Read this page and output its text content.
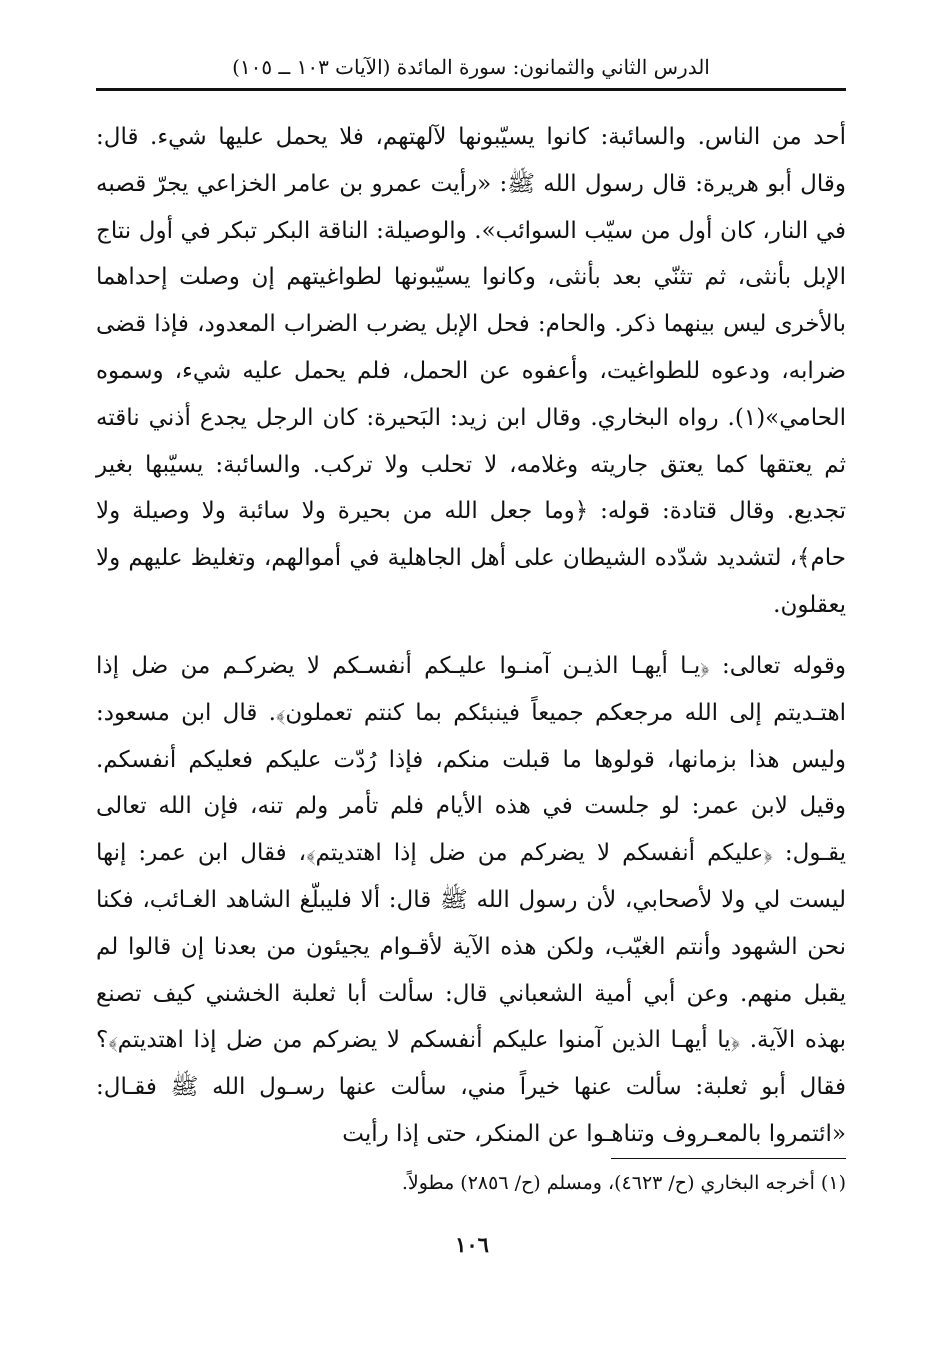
الدرس الثاني والثمانون: سورة المائدة (الآيات ١٠٣ ــ ١٠٥)

أحد من الناس. والسائبة: كانوا يسيّبونها لآلهتهم، فلا يحمل عليها شيء. قال: وقال أبو هريرة: قال رسول الله ﷺ: «رأيت عمرو بن عامر الخزاعي يجرّ قصبه في النار، كان أول من سيّب السوائب». والوصيلة: الناقة البكر تبكر في أول نتاج الإبل بأنثى، ثم تثنّي بعد بأنثى، وكانوا يسيّبونها لطواغيتهم إن وصلت إحداهما بالأخرى ليس بينهما ذكر. والحام: فحل الإبل يضرب الضراب المعدود، فإذا قضى ضرابه، ودعوه للطواغيت، وأعفوه عن الحمل، فلم يحمل عليه شيء، وسموه الحامي»(١). رواه البخاري. وقال ابن زيد: البَحيرة: كان الرجل يجدع أذني ناقته ثم يعتقها كما يعتق جاريته وغلامه، لا تحلب ولا تركب. والسائبة: يسيّبها بغير تجديع. وقال قتادة: قوله: ﴿وما جعل الله من بحيرة ولا سائبة ولا وصيلة ولا حام﴾، لتشديد شدّده الشيطان على أهل الجاهلية في أموالهم، وتغليظ عليهم ولا يعقلون.

وقوله تعالى: ﴿يـا أيهـا الذيـن آمنـوا عليـكم أنفسـكم لا يضركـم من ضل إذا اهتـديتم إلى الله مرجعكم جميعاً فينبئكم بما كنتم تعملون﴾. قال ابن مسعود: وليس هذا بزمانها، قولوها ما قبلت منكم، فإذا رُدّت عليكم فعليكم أنفسكم. وقيل لابن عمر: لو جلست في هذه الأيام فلم تأمر ولم تنه، فإن الله تعالى يقـول: ﴿عليكم أنفسكم لا يضركم من ضل إذا اهتديتم﴾، فقال ابن عمر: إنها ليست لي ولا لأصحابي، لأن رسول الله ﷺ قال: ألا فليبلّغ الشاهد الغـائب، فكنا نحن الشهود وأنتم الغيّب، ولكن هذه الآية لأقـوام يجيئون من بعدنا إن قالوا لم يقبل منهم. وعن أبي أمية الشعباني قال: سألت أبا ثعلبة الخشني كيف تصنع بهذه الآية. ﴿يا أيهـا الذين آمنوا عليكم أنفسكم لا يضركم من ضل إذا اهتديتم﴾؟ فقال أبو ثعلبة: سألت عنها خيراً مني، سألت عنها رسـول الله ﷺ فقـال: «ائتمروا بالمعـروف وتناهـوا عن المنكر، حتى إذا رأيت

(١) أخرجه البخاري (ح/ ٤٦٢٣)، ومسلم (ح/ ٢٨٥٦) مطولاً.
١٠٦
